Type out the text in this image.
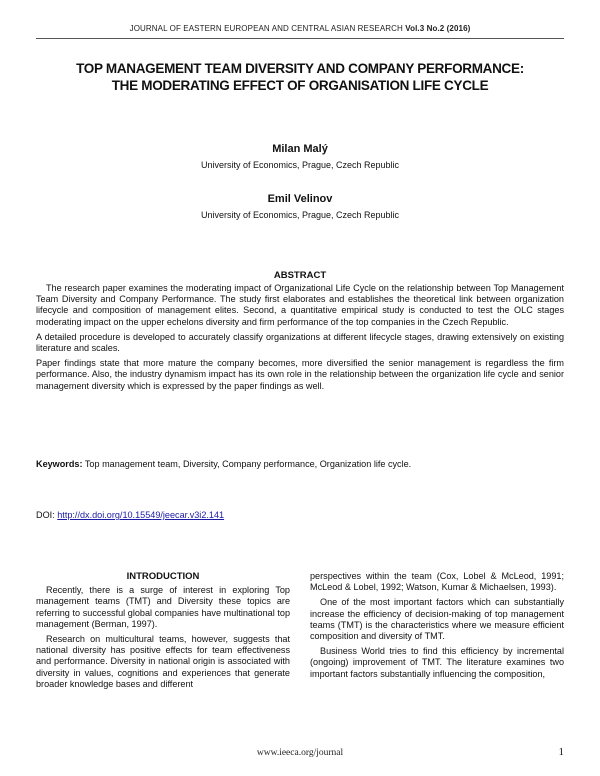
JOURNAL OF EASTERN EUROPEAN AND CENTRAL ASIAN RESEARCH Vol.3 No.2 (2016)
TOP MANAGEMENT TEAM DIVERSITY AND COMPANY PERFORMANCE:
THE MODERATING EFFECT OF ORGANISATION LIFE CYCLE
Milan Malý
University of Economics, Prague, Czech Republic
Emil Velinov
University of Economics, Prague, Czech Republic
ABSTRACT

The research paper examines the moderating impact of Organizational Life Cycle on the relationship between Top Management Team Diversity and Company Performance. The study first elaborates and establishes the theoretical link between organization lifecycle and composition of management elites. Second, a quantitative empirical study is conducted to test the OLC stages moderating impact on the upper echelons diversity and firm performance of the top companies in the Czech Republic.

A detailed procedure is developed to accurately classify organizations at different lifecycle stages, drawing extensively on existing literature and scales.

Paper findings state that more mature the company becomes, more diversified the senior management is regardless the firm performance. Also, the industry dynamism impact has its own role in the relationship between the organization life cycle and senior management diversity which is expressed by the paper findings as well.

Keywords: Top management team, Diversity, Company performance, Organization life cycle.
DOI: http://dx.doi.org/10.15549/jeecar.v3i2.141
INTRODUCTION

Recently, there is a surge of interest in exploring Top management teams (TMT) and Diversity these topics are referring to successful global companies have multinational top management (Berman, 1997).

Research on multicultural teams, however, suggests that national diversity has positive effects for team effectiveness and performance. Diversity in national origin is associated with diversity in values, cognitions and experiences that generate broader knowledge bases and different

perspectives within the team (Cox, Lobel & McLeod, 1991; McLeod & Lobel, 1992; Watson, Kumar & Michaelsen, 1993).

One of the most important factors which can substantially increase the efficiency of decision-making of top management teams (TMT) is the characteristics where we measure efficient composition and diversity of TMT.

Business World tries to find this efficiency by incremental (ongoing) improvement of TMT. The literature examines two important factors substantially influencing the composition,

www.ieeca.org/journal	1
